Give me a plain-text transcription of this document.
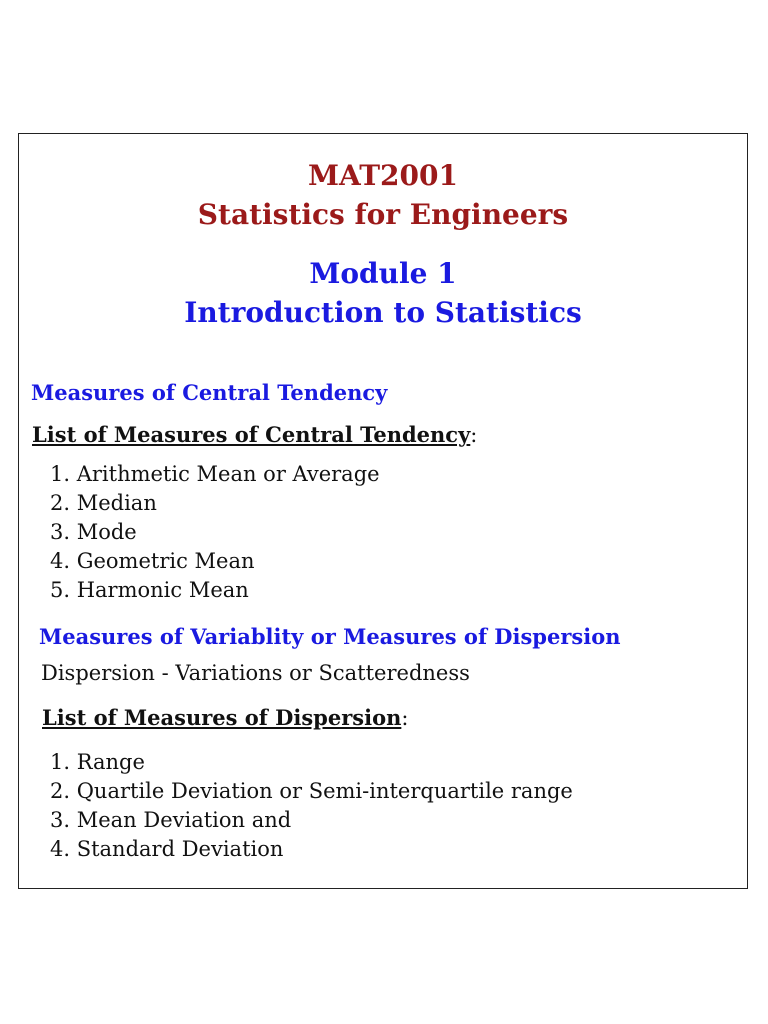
MAT2001
Statistics for Engineers
Module 1
Introduction to Statistics
Measures of Central Tendency
List of Measures of Central Tendency:
1. Arithmetic Mean or Average
2. Median
3. Mode
4. Geometric Mean
5. Harmonic Mean
Measures of Variablity or Measures of Dispersion
Dispersion - Variations or Scatteredness
List of Measures of Dispersion:
1. Range
2. Quartile Deviation or Semi-interquartile range
3. Mean Deviation and
4. Standard Deviation
